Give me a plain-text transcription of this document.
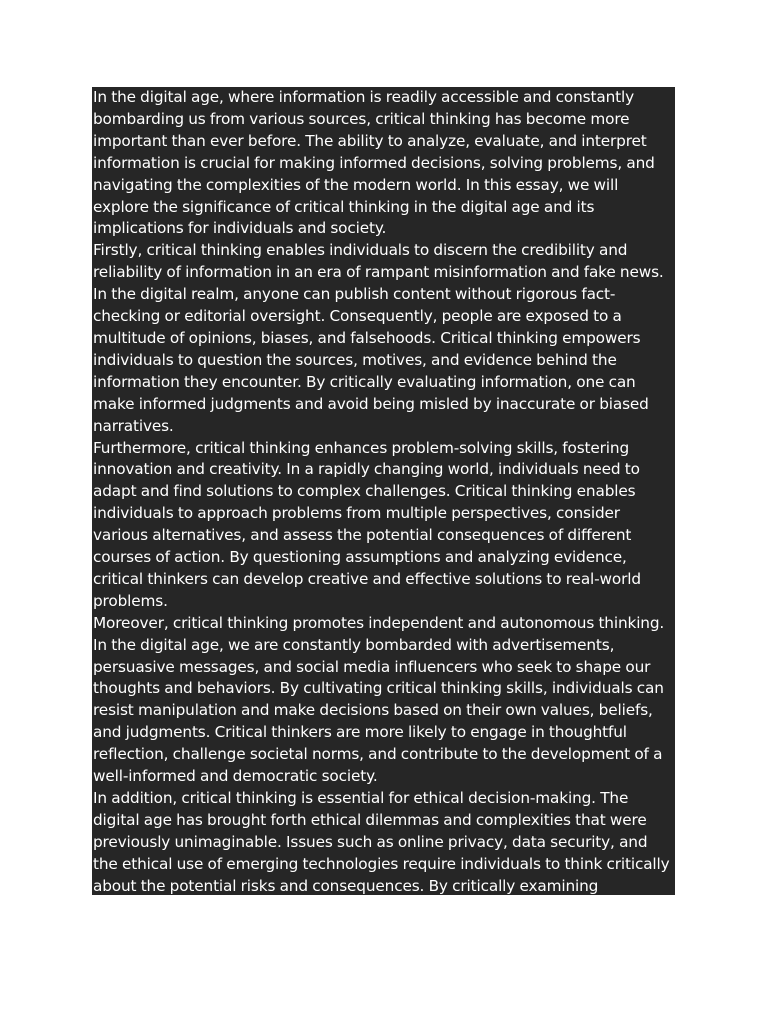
In the digital age, where information is readily accessible and constantly bombarding us from various sources, critical thinking has become more important than ever before. The ability to analyze, evaluate, and interpret information is crucial for making informed decisions, solving problems, and navigating the complexities of the modern world. In this essay, we will explore the significance of critical thinking in the digital age and its implications for individuals and society.

Firstly, critical thinking enables individuals to discern the credibility and reliability of information in an era of rampant misinformation and fake news. In the digital realm, anyone can publish content without rigorous fact-checking or editorial oversight. Consequently, people are exposed to a multitude of opinions, biases, and falsehoods. Critical thinking empowers individuals to question the sources, motives, and evidence behind the information they encounter. By critically evaluating information, one can make informed judgments and avoid being misled by inaccurate or biased narratives.

Furthermore, critical thinking enhances problem-solving skills, fostering innovation and creativity. In a rapidly changing world, individuals need to adapt and find solutions to complex challenges. Critical thinking enables individuals to approach problems from multiple perspectives, consider various alternatives, and assess the potential consequences of different courses of action. By questioning assumptions and analyzing evidence, critical thinkers can develop creative and effective solutions to real-world problems.

Moreover, critical thinking promotes independent and autonomous thinking. In the digital age, we are constantly bombarded with advertisements, persuasive messages, and social media influencers who seek to shape our thoughts and behaviors. By cultivating critical thinking skills, individuals can resist manipulation and make decisions based on their own values, beliefs, and judgments. Critical thinkers are more likely to engage in thoughtful reflection, challenge societal norms, and contribute to the development of a well-informed and democratic society.

In addition, critical thinking is essential for ethical decision-making. The digital age has brought forth ethical dilemmas and complexities that were previously unimaginable. Issues such as online privacy, data security, and the ethical use of emerging technologies require individuals to think critically about the potential risks and consequences. By critically examining
